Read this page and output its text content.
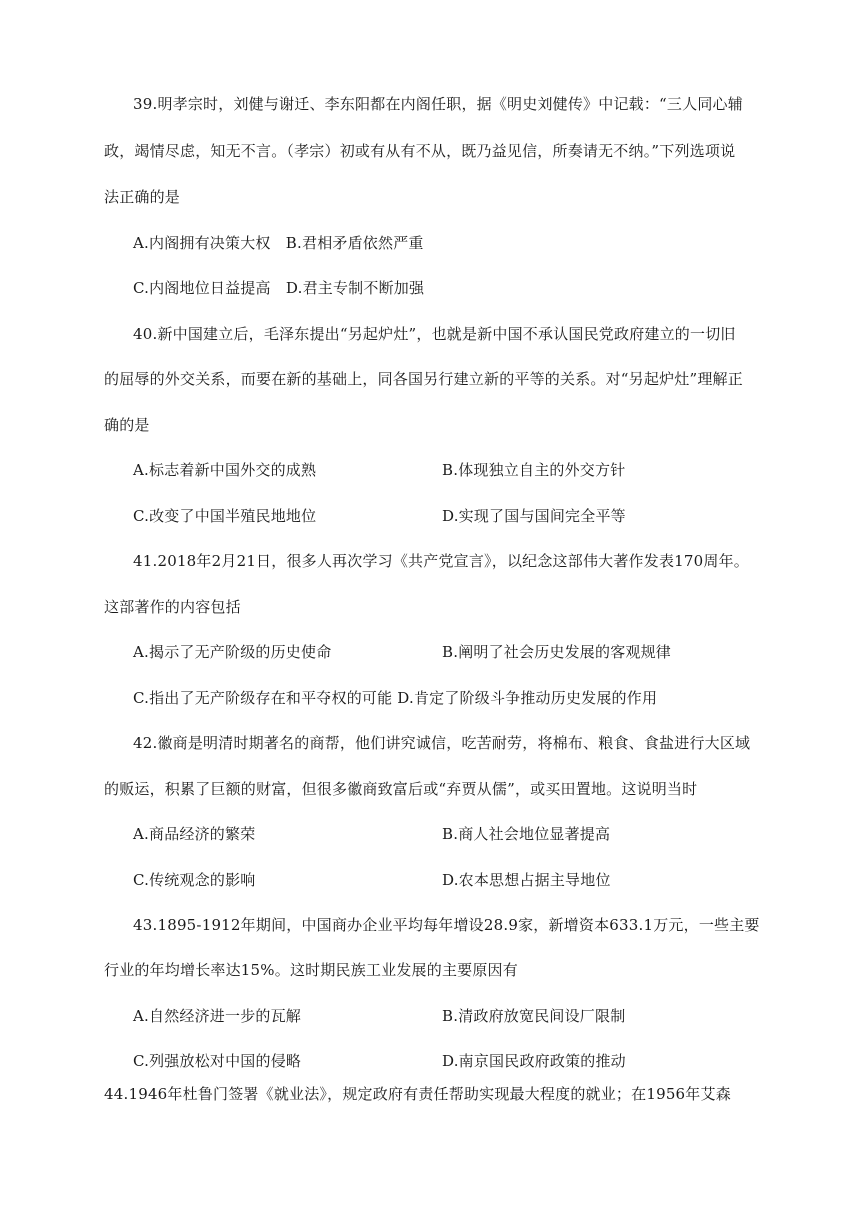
39.明孝宗时，刘健与谢迁、李东阳都在内阁任职，据《明史刘健传》中记载：“三人同心辅
政，竭情尽虑，知无不言。（孝宗）初或有从有不从，既乃益见信，所奏请无不纳。”下列选项说
法正确的是
A.内阁拥有决策大权　B.君相矛盾依然严重
C.内阁地位日益提高　D.君主专制不断加强
40.新中国建立后，毛泽东提出“另起炉灶”，也就是新中国不承认国民党政府建立的一切旧
的屈辱的外交关系，而要在新的基础上，同各国另行建立新的平等的关系。对“另起炉灶”理解正
确的是
A.标志着新中国外交的成熟	B.体现独立自主的外交方针
C.改变了中国半殖民地地位	D.实现了国与国间完全平等
41.2018年2月21日，很多人再次学习《共产党宣言》，以纪念这部伟大著作发表170周年。
这部著作的内容包括
A.揭示了无产阶级的历史使命	B.阐明了社会历史发展的客观规律
C.指出了无产阶级存在和平夺权的可能 D.肯定了阶级斗争推动历史发展的作用
42.徽商是明清时期著名的商帮，他们讲究诚信，吃苦耐劳，将棉布、粮食、食盐进行大区域
的贩运，积累了巨额的财富，但很多徽商致富后或“弃贾从儒”，或买田置地。这说明当时
A.商品经济的繁荣	B.商人社会地位显著提高
C.传统观念的影响	D.农本思想占据主导地位
43.1895-1912年期间，中国商办企业平均每年增设28.9家，新增资本633.1万元，一些主要
行业的年均增长率达15%。这时期民族工业发展的主要原因有
A.自然经济进一步的瓦解	B.清政府放宽民间设厂限制
C.列强放松对中国的侵略	D.南京国民政府政策的推动
44.1946年杜鲁门签署《就业法》，规定政府有责任帮助实现最大程度的就业；在1956年艾森
